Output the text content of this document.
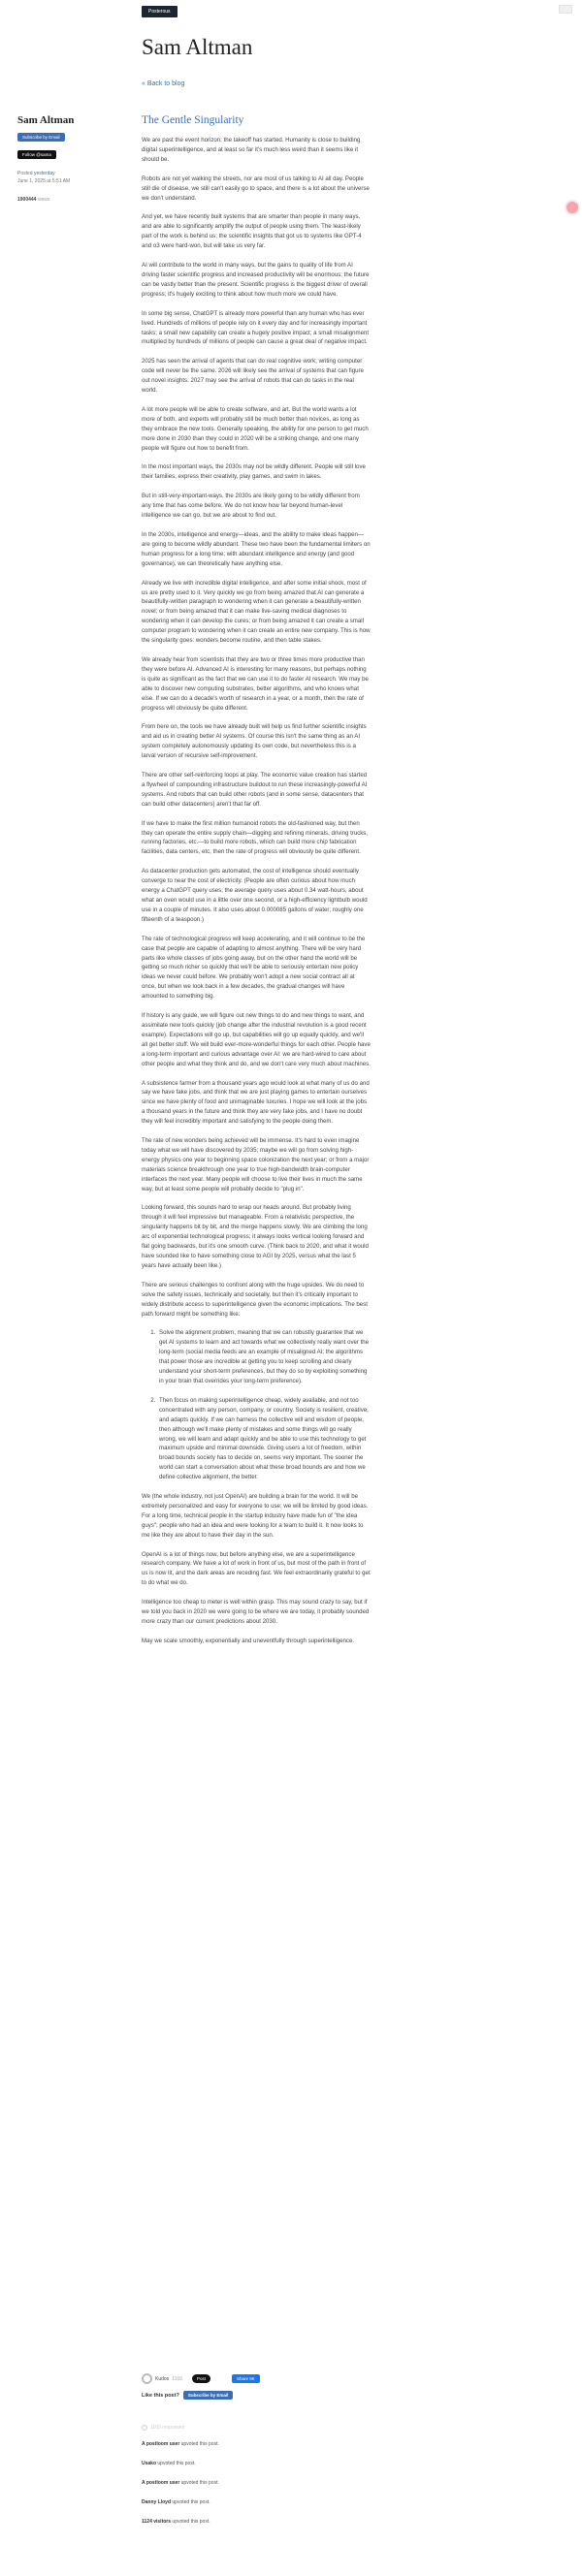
Posterous
Sam Altman
« Back to blog
Sam Altman
Subscribe by Email
Follow @sama
Posted yesterday
June 1, 2025 at 5:51 AM
1900444 views
The Gentle Singularity

We are past the event horizon; the takeoff has started. Humanity is close to building digital superintelligence, and at least so far it's much less weird than it seems like it should be.

Robots are not yet walking the streets, nor are most of us talking to AI all day. People still die of disease, we still can't easily go to space, and there is a lot about the universe we don't understand.

And yet, we have recently built systems that are smarter than people in many ways, and are able to significantly amplify the output of people using them. The least-likely part of the work is behind us; the scientific insights that got us to systems like GPT-4 and o3 were hard-won, but will take us very far.

AI will contribute to the world in many ways, but the gains to quality of life from AI driving faster scientific progress and increased productivity will be enormous; the future can be vastly better than the present. Scientific progress is the biggest driver of overall progress; it's hugely exciting to think about how much more we could have.

In some big sense, ChatGPT is already more powerful than any human who has ever lived. Hundreds of millions of people rely on it every day and for increasingly important tasks; a small new capability can create a hugely positive impact; a small misalignment multiplied by hundreds of millions of people can cause a great deal of negative impact.

2025 has seen the arrival of agents that can do real cognitive work; writing computer code will never be the same. 2026 will likely see the arrival of systems that can figure out novel insights. 2027 may see the arrival of robots that can do tasks in the real world.

A lot more people will be able to create software, and art. But the world wants a lot more of both, and experts will probably still be much better than novices, as long as they embrace the new tools. Generally speaking, the ability for one person to get much more done in 2030 than they could in 2020 will be a striking change, and one many people will figure out how to benefit from.

In the most important ways, the 2030s may not be wildly different. People will still love their families, express their creativity, play games, and swim in lakes.

But in still-very-important-ways, the 2030s are likely going to be wildly different from any time that has come before. We do not know how far beyond human-level intelligence we can go, but we are about to find out.

In the 2030s, intelligence and energy—ideas, and the ability to make ideas happen—are going to become wildly abundant. These two have been the fundamental limiters on human progress for a long time; with abundant intelligence and energy (and good governance), we can theoretically have anything else.

Already we live with incredible digital intelligence, and after some initial shock, most of us are pretty used to it. Very quickly we go from being amazed that AI can generate a beautifully-written paragraph to wondering when it can generate a beautifully-written novel; or from being amazed that it can make live-saving medical diagnoses to wondering when it can develop the cures; or from being amazed it can create a small computer program to wondering when it can create an entire new company. This is how the singularity goes: wonders become routine, and then table stakes.

We already hear from scientists that they are two or three times more productive than they were before AI. Advanced AI is interesting for many reasons, but perhaps nothing is quite as significant as the fact that we can use it to do faster AI research. We may be able to discover new computing substrates, better algorithms, and who knows what else. If we can do a decade's worth of research in a year, or a month, then the rate of progress will obviously be quite different.

From here on, the tools we have already built will help us find further scientific insights and aid us in creating better AI systems. Of course this isn't the same thing as an AI system completely autonomously updating its own code, but nevertheless this is a larval version of recursive self-improvement.

There are other self-reinforcing loops at play. The economic value creation has started a flywheel of compounding infrastructure buildout to run these increasingly-powerful AI systems. And robots that can build other robots (and in some sense, datacenters that can build other datacenters) aren't that far off.

If we have to make the first million humanoid robots the old-fashioned way, but then they can operate the entire supply chain—digging and refining minerals, driving trucks, running factories, etc.—to build more robots, which can build more chip fabrication facilities, data centers, etc, then the rate of progress will obviously be quite different.

As datacenter production gets automated, the cost of intelligence should eventually converge to near the cost of electricity. (People are often curious about how much energy a ChatGPT query uses; the average query uses about 0.34 watt-hours, about what an oven would use in a little over one second, or a high-efficiency lightbulb would use in a couple of minutes. It also uses about 0.000085 gallons of water; roughly one fifteenth of a teaspoon.)

The rate of technological progress will keep accelerating, and it will continue to be the case that people are capable of adapting to almost anything. There will be very hard parts like whole classes of jobs going away, but on the other hand the world will be getting so much richer so quickly that we'll be able to seriously entertain new policy ideas we never could before. We probably won't adopt a new social contract all at once, but when we look back in a few decades, the gradual changes will have amounted to something big.

If history is any guide, we will figure out new things to do and new things to want, and assimilate new tools quickly (job change after the industrial revolution is a good recent example). Expectations will go up, but capabilities will go up equally quickly, and we'll all get better stuff. We will build ever-more-wonderful things for each other. People have a long-term important and curious advantage over AI: we are hard-wired to care about other people and what they think and do, and we don't care very much about machines.

A subsistence farmer from a thousand years ago would look at what many of us do and say we have fake jobs, and think that we are just playing games to entertain ourselves since we have plenty of food and unimaginable luxuries. I hope we will look at the jobs a thousand years in the future and think they are very fake jobs, and I have no doubt they will feel incredibly important and satisfying to the people doing them.

The rate of new wonders being achieved will be immense. It's hard to even imagine today what we will have discovered by 2035; maybe we will go from solving high-energy physics one year to beginning space colonization the next year; or from a major materials science breakthrough one year to true high-bandwidth brain-computer interfaces the next year. Many people will choose to live their lives in much the same way, but at least some people will probably decide to "plug in".

Looking forward, this sounds hard to wrap our heads around. But probably living through it will feel impressive but manageable. From a relativistic perspective, the singularity happens bit by bit, and the merge happens slowly. We are climbing the long arc of exponential technological progress; it always looks vertical looking forward and flat going backwards, but it's one smooth curve. (Think back to 2020, and what it would have sounded like to have something close to AGI by 2025, versus what the last 5 years have actually been like.)

There are serious challenges to confront along with the huge upsides. We do need to solve the safety issues, technically and societally, but then it's critically important to widely distribute access to superintelligence given the economic implications. The best path forward might be something like:

1. Solve the alignment problem, meaning that we can robustly guarantee that we get AI systems to learn and act towards what we collectively really want over the long-term (social media feeds are an example of misaligned AI; the algorithms that power those are incredible at getting you to keep scrolling and clearly understand your short-term preferences, but they do so by exploiting something in your brain that overrides your long-term preference).
2. Then focus on making superintelligence cheap, widely available, and not too concentrated with any person, company, or country. Society is resilient, creative, and adapts quickly. If we can harness the collective will and wisdom of people, then although we'll make plenty of mistakes and some things will go really wrong, we will learn and adapt quickly and be able to use this technology to get maximum upside and minimal downside. Giving users a lot of freedom, within broad bounds society has to decide on, seems very important. The sooner the world can start a conversation about what these broad bounds are and how we define collective alignment, the better.

We (the whole industry, not just OpenAI) are building a brain for the world. It will be extremely personalized and easy for everyone to use; we will be limited by good ideas. For a long time, technical people in the startup industry have made fun of "the idea guys"; people who had an idea and were looking for a team to build it. It now looks to me like they are about to have their day in the sun.

OpenAI is a lot of things now, but before anything else, we are a superintelligence research company. We have a lot of work in front of us, but most of the path in front of us is now lit, and the dark areas are receding fast. We feel extraordinarily grateful to get to do what we do.

Intelligence too cheap to meter is well within grasp. This may sound crazy to say, but if we told you back in 2020 we were going to be where we are today, it probably sounded more crazy than our current predictions about 2030.

May we scale smoothly, exponentially and uneventfully through superintelligence.

Kudos 1169	Post	Share 9K
Like this post?	Subscribe by Email
1169 responses
A postloom user upvoted this post.
Usako upvoted this post.
A postloom user upvoted this post.
Danny Lloyd upvoted this post.
1124 visitors upvoted this post.
